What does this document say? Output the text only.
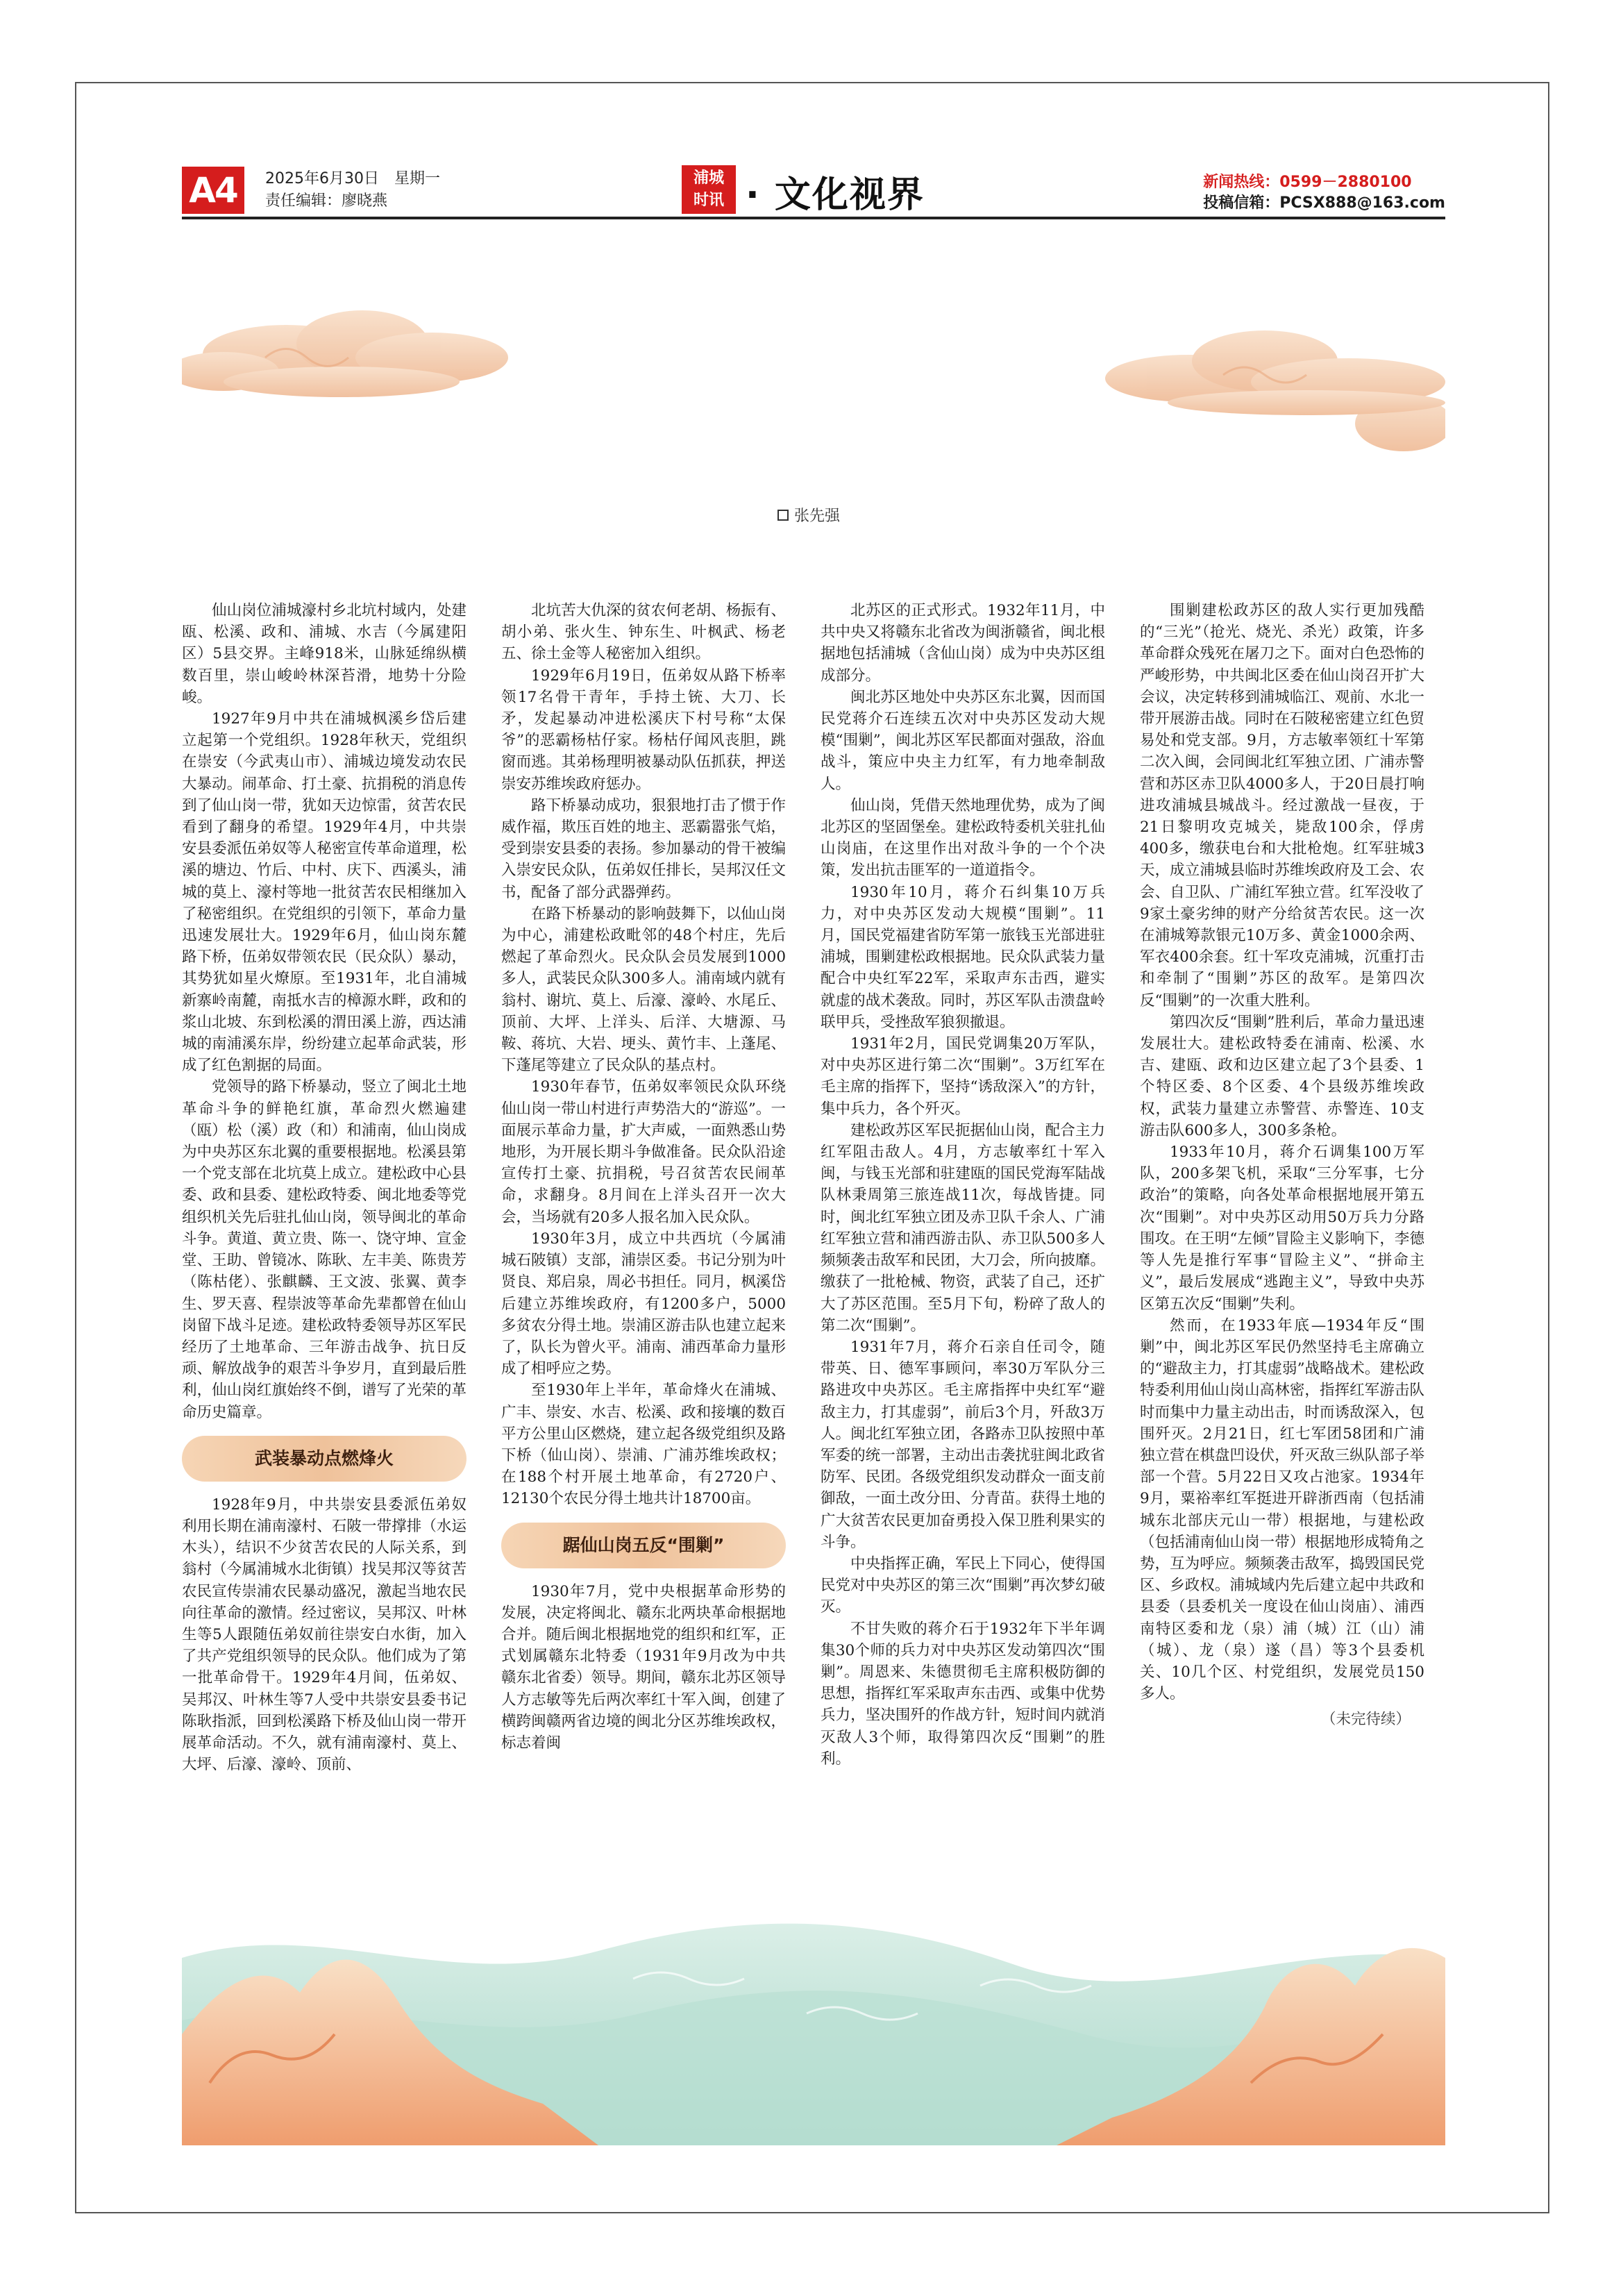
A4	2025年6月30日　星期一
责任编辑：廖晓燕
浦城
时讯 · 文化视界	新闻热线：0599－2880100
投稿信箱：PCSX888@163.com
张先强

仙山岗位浦城濠村乡北坑村域内，处建瓯、松溪、政和、浦城、水吉（今属建阳区）5县交界。主峰918米，山脉延绵纵横数百里，崇山峻岭林深苔滑，地势十分险峻。

1927年9月中共在浦城枫溪乡岱后建立起第一个党组织。1928年秋天，党组织在崇安（今武夷山市）、浦城边境发动农民大暴动。闹革命、打土豪、抗捐税的消息传到了仙山岗一带，犹如天边惊雷，贫苦农民看到了翻身的希望。1929年4月，中共崇安县委派伍弟奴等人秘密宣传革命道理，松溪的塘边、竹后、中村、庆下、西溪头，浦城的莫上、濠村等地一批贫苦农民相继加入了秘密组织。在党组织的引领下，革命力量迅速发展壮大。1929年6月，仙山岗东麓路下桥，伍弟奴带领农民（民众队）暴动，其势犹如星火燎原。至1931年，北自浦城新寨岭南麓，南抵水吉的樟源水畔，政和的浆山北坡、东到松溪的渭田溪上游，西达浦城的南浦溪东岸，纷纷建立起革命武装，形成了红色割据的局面。

党领导的路下桥暴动，竖立了闽北土地革命斗争的鲜艳红旗，革命烈火燃遍建（瓯）松（溪）政（和）和浦南，仙山岗成为中央苏区东北翼的重要根据地。松溪县第一个党支部在北坑莫上成立。建松政中心县委、政和县委、建松政特委、闽北地委等党组织机关先后驻扎仙山岗，领导闽北的革命斗争。黄道、黄立贵、陈一、饶守坤、宣金堂、王助、曾镜冰、陈耿、左丰美、陈贵芳（陈枯佬）、张麒麟、王文波、张翼、黄李生、罗天喜、程崇波等革命先辈都曾在仙山岗留下战斗足迹。建松政特委领导苏区军民经历了土地革命、三年游击战争、抗日反顽、解放战争的艰苦斗争岁月，直到最后胜利，仙山岗红旗始终不倒，谱写了光荣的革命历史篇章。

武装暴动点燃烽火

1928年9月，中共崇安县委派伍弟奴利用长期在浦南濠村、石陂一带撑排（水运木头），结识不少贫苦农民的人际关系，到翁村（今属浦城水北街镇）找吴邦汉等贫苦农民宣传崇浦农民暴动盛况，激起当地农民向往革命的激情。经过密议，吴邦汉、叶林生等5人跟随伍弟奴前往崇安白水街，加入了共产党组织领导的民众队。他们成为了第一批革命骨干。1929年4月间，伍弟奴、吴邦汉、叶林生等7人受中共崇安县委书记陈耿指派，回到松溪路下桥及仙山岗一带开展革命活动。不久，就有浦南濠村、莫上、大坪、后濠、濠岭、顶前、

北坑苦大仇深的贫农何老胡、杨振有、胡小弟、张火生、钟东生、叶枫武、杨老五、徐土金等人秘密加入组织。

1929年6月19日，伍弟奴从路下桥率领17名骨干青年，手持土铳、大刀、长矛，发起暴动冲进松溪庆下村号称“太保爷”的恶霸杨枯仔家。杨枯仔闻风丧胆，跳窗而逃。其弟杨理明被暴动队伍抓获，押送崇安苏维埃政府惩办。

路下桥暴动成功，狠狠地打击了惯于作威作福，欺压百姓的地主、恶霸嚣张气焰，受到崇安县委的表扬。参加暴动的骨干被编入崇安民众队，伍弟奴任排长，吴邦汉任文书，配备了部分武器弹药。

在路下桥暴动的影响鼓舞下，以仙山岗为中心，浦建松政毗邻的48个村庄，先后燃起了革命烈火。民众队会员发展到1000多人，武装民众队300多人。浦南域内就有翁村、谢坑、莫上、后濠、濠岭、水尾丘、顶前、大坪、上洋头、后洋、大塘源、马鞍、蒋坑、大岩、埂头、黄竹丰、上蓬尾、下蓬尾等建立了民众队的基点村。

1930年春节，伍弟奴率领民众队环绕仙山岗一带山村进行声势浩大的“游巡”。一面展示革命力量，扩大声威，一面熟悉山势地形，为开展长期斗争做准备。民众队沿途宣传打土豪、抗捐税，号召贫苦农民闹革命，求翻身。8月间在上洋头召开一次大会，当场就有20多人报名加入民众队。

1930年3月，成立中共西坑（今属浦城石陂镇）支部，浦崇区委。书记分别为叶贤良、郑启泉，周必书担任。同月，枫溪岱后建立苏维埃政府，有1200多户，5000多贫农分得土地。崇浦区游击队也建立起来了，队长为曾火平。浦南、浦西革命力量形成了相呼应之势。

至1930年上半年，革命烽火在浦城、广丰、崇安、水吉、松溪、政和接壤的数百平方公里山区燃烧，建立起各级党组织及路下桥（仙山岗）、崇浦、广浦苏维埃政权；在188个村开展土地革命，有2720户、12130个农民分得土地共计18700亩。

踞仙山岗五反“围剿”

1930年7月，党中央根据革命形势的发展，决定将闽北、赣东北两块革命根据地合并。随后闽北根据地党的组织和红军，正式划属赣东北特委（1931年9月改为中共赣东北省委）领导。期间，赣东北苏区领导人方志敏等先后两次率红十军入闽，创建了横跨闽赣两省边境的闽北分区苏维埃政权，标志着闽

北苏区的正式形式。1932年11月，中共中央又将赣东北省改为闽浙赣省，闽北根据地包括浦城（含仙山岗）成为中央苏区组成部分。

闽北苏区地处中央苏区东北翼，因而国民党蒋介石连续五次对中央苏区发动大规模“围剿”，闽北苏区军民都面对强敌，浴血战斗，策应中央主力红军，有力地牵制敌人。

仙山岗，凭借天然地理优势，成为了闽北苏区的坚固堡垒。建松政特委机关驻扎仙山岗庙，在这里作出对敌斗争的一个个决策，发出抗击匪军的一道道指令。

1930年10月，蒋介石纠集10万兵力，对中央苏区发动大规模“围剿”。11月，国民党福建省防军第一旅钱玉光部进驻浦城，围剿建松政根据地。民众队武装力量配合中央红军22军，采取声东击西，避实就虚的战术袭敌。同时，苏区军队击溃盘岭联甲兵，受挫敌军狼狈撤退。

1931年2月，国民党调集20万军队，对中央苏区进行第二次“围剿”。3万红军在毛主席的指挥下，坚持“诱敌深入”的方针，集中兵力，各个歼灭。

建松政苏区军民扼据仙山岗，配合主力红军阻击敌人。4月，方志敏率红十军入闽，与钱玉光部和驻建瓯的国民党海军陆战队林秉周第三旅连战11次，每战皆捷。同时，闽北红军独立团及赤卫队千余人、广浦红军独立营和浦西游击队、赤卫队500多人频频袭击敌军和民团，大刀会，所向披靡。缴获了一批枪械、物资，武装了自己，还扩大了苏区范围。至5月下旬，粉碎了敌人的第二次“围剿”。

1931年7月，蒋介石亲自任司令，随带英、日、德军事顾问，率30万军队分三路进攻中央苏区。毛主席指挥中央红军“避敌主力，打其虚弱”，前后3个月，歼敌3万人。闽北红军独立团，各路赤卫队按照中革军委的统一部署，主动出击袭扰驻闽北政省防军、民团。各级党组织发动群众一面支前御敌，一面土改分田、分青苗。获得土地的广大贫苦农民更加奋勇投入保卫胜利果实的斗争。

中央指挥正确，军民上下同心，使得国民党对中央苏区的第三次“围剿”再次梦幻破灭。

不甘失败的蒋介石于1932年下半年调集30个师的兵力对中央苏区发动第四次“围剿”。周恩来、朱德贯彻毛主席积极防御的思想，指挥红军采取声东击西、或集中优势兵力，坚决围歼的作战方针，短时间内就消灭敌人3个师，取得第四次反“围剿”的胜利。

围剿建松政苏区的敌人实行更加残酷的“三光”（抢光、烧光、杀光）政策，许多革命群众残死在屠刀之下。面对白色恐怖的严峻形势，中共闽北区委在仙山岗召开扩大会议，决定转移到浦城临江、观前、水北一带开展游击战。同时在石陂秘密建立红色贸易处和党支部。9月，方志敏率领红十军第二次入闽，会同闽北红军独立团、广浦赤警营和苏区赤卫队4000多人，于20日晨打响进攻浦城县城战斗。经过激战一昼夜，于21日黎明攻克城关，毙敌100余，俘虏400多，缴获电台和大批枪炮。红军驻城3天，成立浦城县临时苏维埃政府及工会、农会、自卫队、广浦红军独立营。红军没收了9家土豪劣绅的财产分给贫苦农民。这一次在浦城筹款银元10万多、黄金1000余两、军衣400余套。红十军攻克浦城，沉重打击和牵制了“围剿”苏区的敌军。是第四次反“围剿”的一次重大胜利。

第四次反“围剿”胜利后，革命力量迅速发展壮大。建松政特委在浦南、松溪、水吉、建瓯、政和边区建立起了3个县委、1个特区委、8个区委、4个县级苏维埃政权，武装力量建立赤警营、赤警连、10支游击队600多人，300多条枪。

1933年10月，蒋介石调集100万军队，200多架飞机，采取“三分军事，七分政治”的策略，向各处革命根据地展开第五次“围剿”。对中央苏区动用50万兵力分路围攻。在王明“左倾”冒险主义影响下，李德等人先是推行军事“冒险主义”、“拼命主义”，最后发展成“逃跑主义”，导致中央苏区第五次反“围剿”失利。

然而，在1933年底—1934年反“围剿”中，闽北苏区军民仍然坚持毛主席确立的“避敌主力，打其虚弱”战略战术。建松政特委利用仙山岗山高林密，指挥红军游击队时而集中力量主动出击，时而诱敌深入，包围歼灭。2月21日，红七军团58团和广浦独立营在棋盘凹设伏，歼灭敌三纵队部子举部一个营。5月22日又攻占池家。1934年9月，粟裕率红军挺进开辟浙西南（包括浦城东北部庆元山一带）根据地，与建松政（包括浦南仙山岗一带）根据地形成犄角之势，互为呼应。频频袭击敌军，捣毁国民党区、乡政权。浦城域内先后建立起中共政和县委（县委机关一度设在仙山岗庙）、浦西南特区委和龙（泉）浦（城）江（山）浦（城）、龙（泉）遂（昌）等3个县委机关、10几个区、村党组织，发展党员150多人。

（未完待续）
